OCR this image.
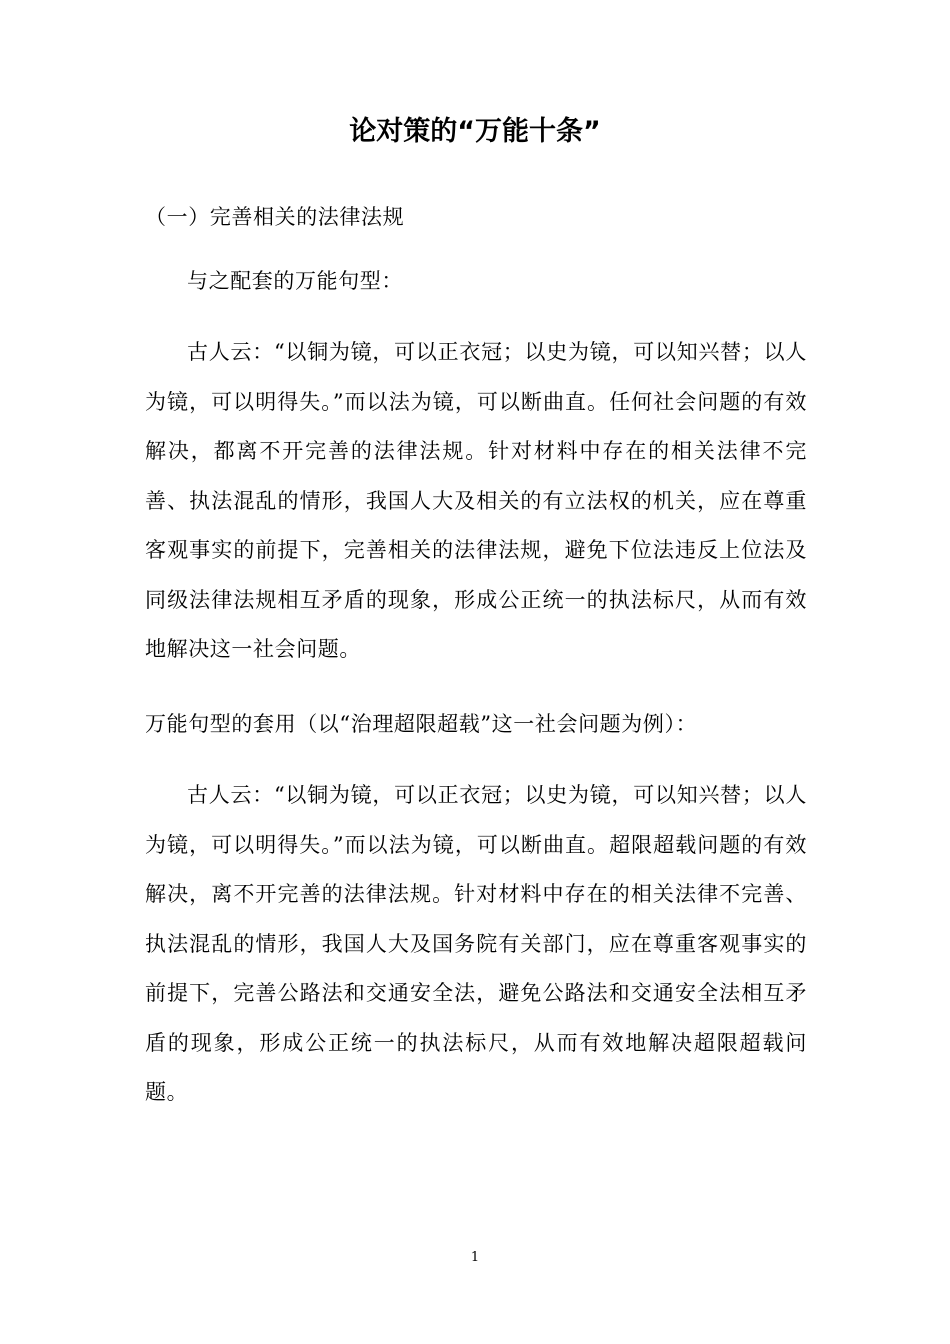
论对策的“万能十条”

（一）完善相关的法律法规

与之配套的万能句型：

古人云：“以铜为镜，可以正衣冠；以史为镜，可以知兴替；以人为镜，可以明得失。”而以法为镜，可以断曲直。任何社会问题的有效解决，都离不开完善的法律法规。针对材料中存在的相关法律不完善、执法混乱的情形，我国人大及相关的有立法权的机关，应在尊重客观事实的前提下，完善相关的法律法规，避免下位法违反上位法及同级法律法规相互矛盾的现象，形成公正统一的执法标尺，从而有效地解决这一社会问题。

万能句型的套用（以“治理超限超载”这一社会问题为例）：

古人云：“以铜为镜，可以正衣冠；以史为镜，可以知兴替；以人为镜，可以明得失。”而以法为镜，可以断曲直。超限超载问题的有效解决，离不开完善的法律法规。针对材料中存在的相关法律不完善、执法混乱的情形，我国人大及国务院有关部门，应在尊重客观事实的前提下，完善公路法和交通安全法，避免公路法和交通安全法相互矛盾的现象，形成公正统一的执法标尺，从而有效地解决超限超载问题。

1
